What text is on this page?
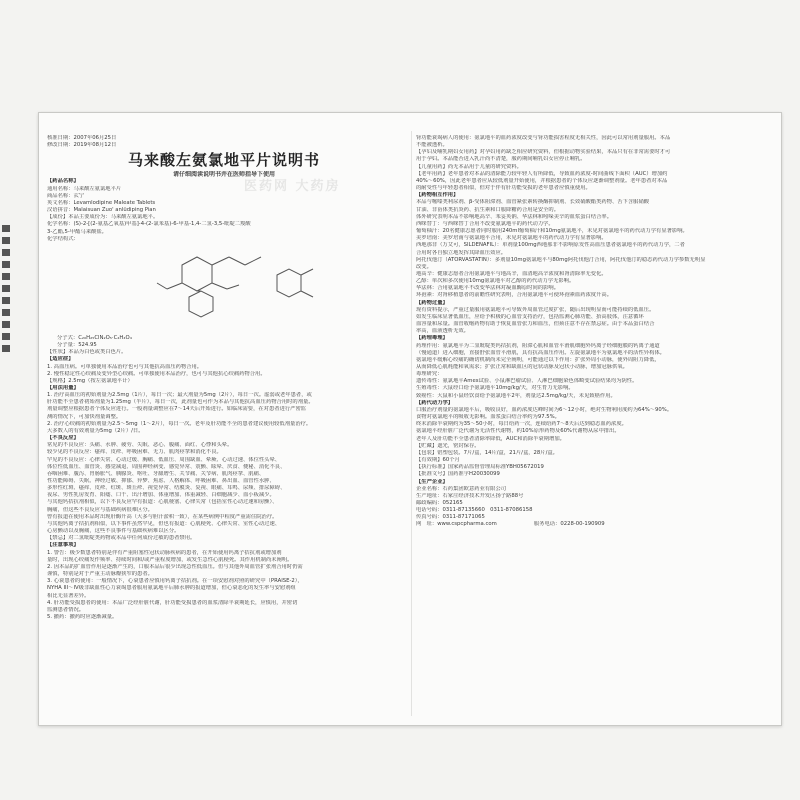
医药网 大药房

核准日期：2007年06月25日

修改日期：2019年08月12日

马来酸左氨氯地平片说明书

请仔细阅读说明书并在医师指导下使用

【药品名称】

通用名称：马来酸左氨氯地平片

商品名称：玄宁

英文名称：Levamlodipine Maleate Tablets

汉语拼音：Malaisuan Zuo' anlüdiping Pian

【成份】本品主要成份为：马来酸左氨氯地平。

化学名称：(S)-2-[(2-氨基乙氧基)甲基]-4-(2-氯苯基)-6-甲基-1,4-二氢-3,5-吡啶二羧酸

3-乙酯,5-甲酯马来酸盐。

化学结构式：

分子式：C₂₀H₂₅ClN₂O₅·C₄H₄O₄

分子量：524.95

【性状】本品为白色或类白色片。

【适应症】

1. 高血压病。可单独使用本品治疗也可与其他抗高血压药物合用。

2. 慢性稳定性心绞痛及变异型心绞痛。可单独使用本品治疗，也可与其他抗心绞痛药物合用。

【规格】2.5mg（按左氨氯地平计）

【用法用量】

1. 治疗高血压的初始剂量为2.5mg（1片），每日一次；最大剂量为5mg（2片），每日一次。虚弱或老年患者，或

肝功能不全患者初始剂量为1.25mg（半片），每日一次，此剂量也可作为本品与其他抗高血压药物合用时的剂量。

剂量调整应根据患者个体反应进行。一般剂量调整应在7～14天后开始进行。如临床需要，在对患者进行严密监

测的情况下，可加快剂量调整。

2. 治疗心绞痛的初始剂量为2.5～5mg（1～2片），每日一次。老年及肝功能不全的患者建议使用较低剂量治疗。

大多数人的有效剂量为5mg（2片）/日。

【不良反应】

常见的不良反应：头痛、水肿、疲劳、失眠、恶心、腹痛、面红、心悸和头晕。

较少见的不良反应：瘙痒、皮疹、呼吸困难、无力、肌肉痉挛和消化不良。

罕见的不良反应：心律失常、心动过缓、胸痛、低血压、周围缺血、晕厥、心动过速、体位性头晕、

体位性低血压、血管炎、感觉减退、周围神经病变、感觉异常、震颤、眩晕、厌食、便秘、消化不良、

吞咽困难、腹泻、胃肠胀气、胰腺炎、呕吐、牙龈增生、关节痛、关节病、肌肉痉挛、肌痛、

性功能障碍、失眠、神经过敏、抑郁、异梦、焦虑、人格解体、呼吸困难、鼻出血、血管性水肿、

多形性红斑、瘙痒、皮疹、红斑、斑丘疹、视觉异常、结膜炎、复视、眼痛、耳鸣、尿频、排尿障碍、

夜尿、男性乳房发育、阳痿、口干、出汗增加、体重增加、体重减轻、白细胞减少、血小板减少。

与其他钙拮抗剂相似，以下不良反应罕有报道：心肌梗塞、心律失常（包括室性心动过速和房颤）、

胸痛，但这些不良反应与基础疾病很难区分。

曾有报道在使用本品时出现肝酶升高（大多与胆汁淤积一致），在某些病例中程度严重需住院治疗。

与其他钙离子拮抗剂相似，以下事件虽然罕见，但也有报道：心肌梗死、心律失常、室性心动过速、

心房颤动以及胸痛，这些不良事件与基础疾病难以区分。

【禁忌】对二氢吡啶类药物或本品中任何成份过敏的患者禁用。

【注意事项】

1. 警告：极少数患者特别是伴有严重阻塞性冠状动脉疾病的患者，在开始使用钙离子拮抗剂或增加剂

量时，出现心绞痛发作频率、持续时间和/或严重程度增加，或发生急性心肌梗死。其作用机制尚未阐明。

2. 因本品的扩血管作用是逐渐产生的，口服本品后很少出现急性低血压。但与其他外周血管扩张剂合用时仍需

谨慎，特别是对于严重主动脉瓣狭窄的患者。

3. 心衰患者的使用：一般情况下，心衰患者应慎用钙离子拮抗剂。在一项安慰剂对照的研究中（PRAISE-2），

NYHA III～IV级非缺血性心力衰竭患者服用氨氯地平后肺水肿的报道增加，但心衰恶化的发生率与安慰剂组

相比无显著差异。

4. 肝功能受损患者的使用：本品广泛经肝脏代谢，肝功能受损患者的血浆清除半衰期延长，应慎用，并密切

监测患者情况。

5. 撤药：撤药时应逐渐减量。

肾功能衰竭病人的使用：氨氯地平的血药浓度改变与肾功能损害程度无相关性，因此可以常用剂量服用。本品

不能被透析。

【孕妇及哺乳期妇女用药】对孕妇用药缺乏相应研究资料，但根据动物实验结果，本品只有在非常需要时才可

用于孕妇。本品能否进入乳汁尚不清楚，服药期间哺乳妇女应停止哺乳。

【儿童用药】尚无本品用于儿童的研究资料。

【老年用药】老年患者对本品的清除能力较年轻人有所降低，导致血药浓度-时间曲线下面积（AUC）增加约

40%～60%，因此老年患者应从较低剂量开始使用，并根据患者的个体反应逐渐调整剂量。老年患者对本品

的耐受性与年轻患者相似，但对于伴有肝功能受损的老年患者应慎重使用。

【药物相互作用】

本品与噻嗪类利尿剂、β-受体阻滞剂、血管紧张素转换酶抑制剂、长效硝酸酯类药物、舌下含服硝酸

甘油、非甾体类抗炎药、抗生素和口服降糖药合用是安全的。

体外研究表明本品不影响地高辛、苯妥英钠、华法林和吲哚美辛的血浆蛋白结合率。

西咪替丁：与西咪替丁合用不改变氨氯地平的药代动力学。

葡萄柚汁：20名健康志愿者同时服用240ml葡萄柚汁和10mg氨氯地平，未见对氨氯地平的药代动力学有显著影响。

美罗培南：美罗培南与氨氯地平合用，未见对氨氯地平的药代动力学有显著影响。

西地那非（万艾可，SILDENAFIL）：单剂量100mg西地那非不影响原发性高血压患者氨氯地平的药代动力学，二者

合用时各自独立地发挥其降血压效应。

阿托伐他汀（ATORVASTATIN）：多剂量10mg氨氯地平与80mg阿托伐他汀合用，阿托伐他汀的稳态药代动力学参数无明显

改变。

地高辛：健康志愿者合用氨氯地平与地高辛，血清地高辛浓度和肾清除率无变化。

乙醇：单次和多次使用10mg氨氯地平对乙醇的药代动力学无影响。

华法林：合用氨氯地平不改变华法林对凝血酶原时间的影响。

环孢素：对肾移植患者的前瞻性研究表明，合用氨氯地平可使环孢素血药浓度升高。

【药物过量】

现有资料提示，严重过量服用氨氯地平可导致外周血管过度扩张，随后出现明显而可能持续的低血压。

如发生临床显著低血压，应给予积极的心血管支持治疗，包括监测心肺功能、抬高肢体，注意循环

血容量和尿量。血管收缩药物有助于恢复血管张力和血压，但须注意不存在禁忌症。由于本品蛋白结合

率高，血液透析无效。

【药理毒理】

药理作用：氨氯地平为二氢吡啶类钙拮抗剂，阻滞心肌和血管平滑肌细胞外钙离子经细胞膜的钙离子通道

（慢通道）进入细胞，直接舒张血管平滑肌，具有抗高血压作用。左旋氨氯地平为氨氯地平的活性异构体。

氨氯地平缓解心绞痛的确切机制尚未完全阐明，可能通过以下作用：扩张外周小动脉，使外周阻力降低，

从而降低心肌耗能和氧需求；扩张正常和缺血区的冠状动脉及冠状小动脉，增加冠脉供氧。

毒理研究：

遗传毒性：氨氯地平Ames试验、小鼠淋巴瘤试验、人淋巴细胞染色体畸变试验结果均为阴性。

生殖毒性：大鼠经口给予氨氯地平10mg/kg/天，对生育力无影响。

致癌性：大鼠和小鼠经饮食给予氨氯地平2年，剂量达2.5mg/kg/天，未见致癌作用。

【药代动力学】

口服治疗剂量的氨氯地平后，吸收良好，血药浓度达峰时间为6～12小时，绝对生物利用度约为64%～90%。

食物对氨氯地平的吸收无影响。血浆蛋白结合率约为97.5%。

终末消除半衰期约为35～50小时，每日给药一次，连续给药7～8天后达到稳态血药浓度。

氨氯地平经肝脏广泛代谢为无活性代谢物，约10%原形药物及60%代谢物从尿中排出。

老年人及肝功能不全患者清除率降低，AUC和消除半衰期增加。

【贮藏】遮光，密封保存。

【包装】铝塑包装。7片/盒，14片/盒，21片/盒，28片/盒。

【有效期】60个月

【执行标准】国家药品监督管理局标准YBH05672019

【批准文号】国药准字H20030099

【生产企业】

企业名称：石药集团欧意药业有限公司

生产地址：石家庄经济技术开发区扬子路88号

邮政编码：052165

电话号码：0311-87135660　0311-87086158

传真号码：0311-87171065

网　址：www.cspcpharma.com　　　　　　　服务电话：0228-00-190909
